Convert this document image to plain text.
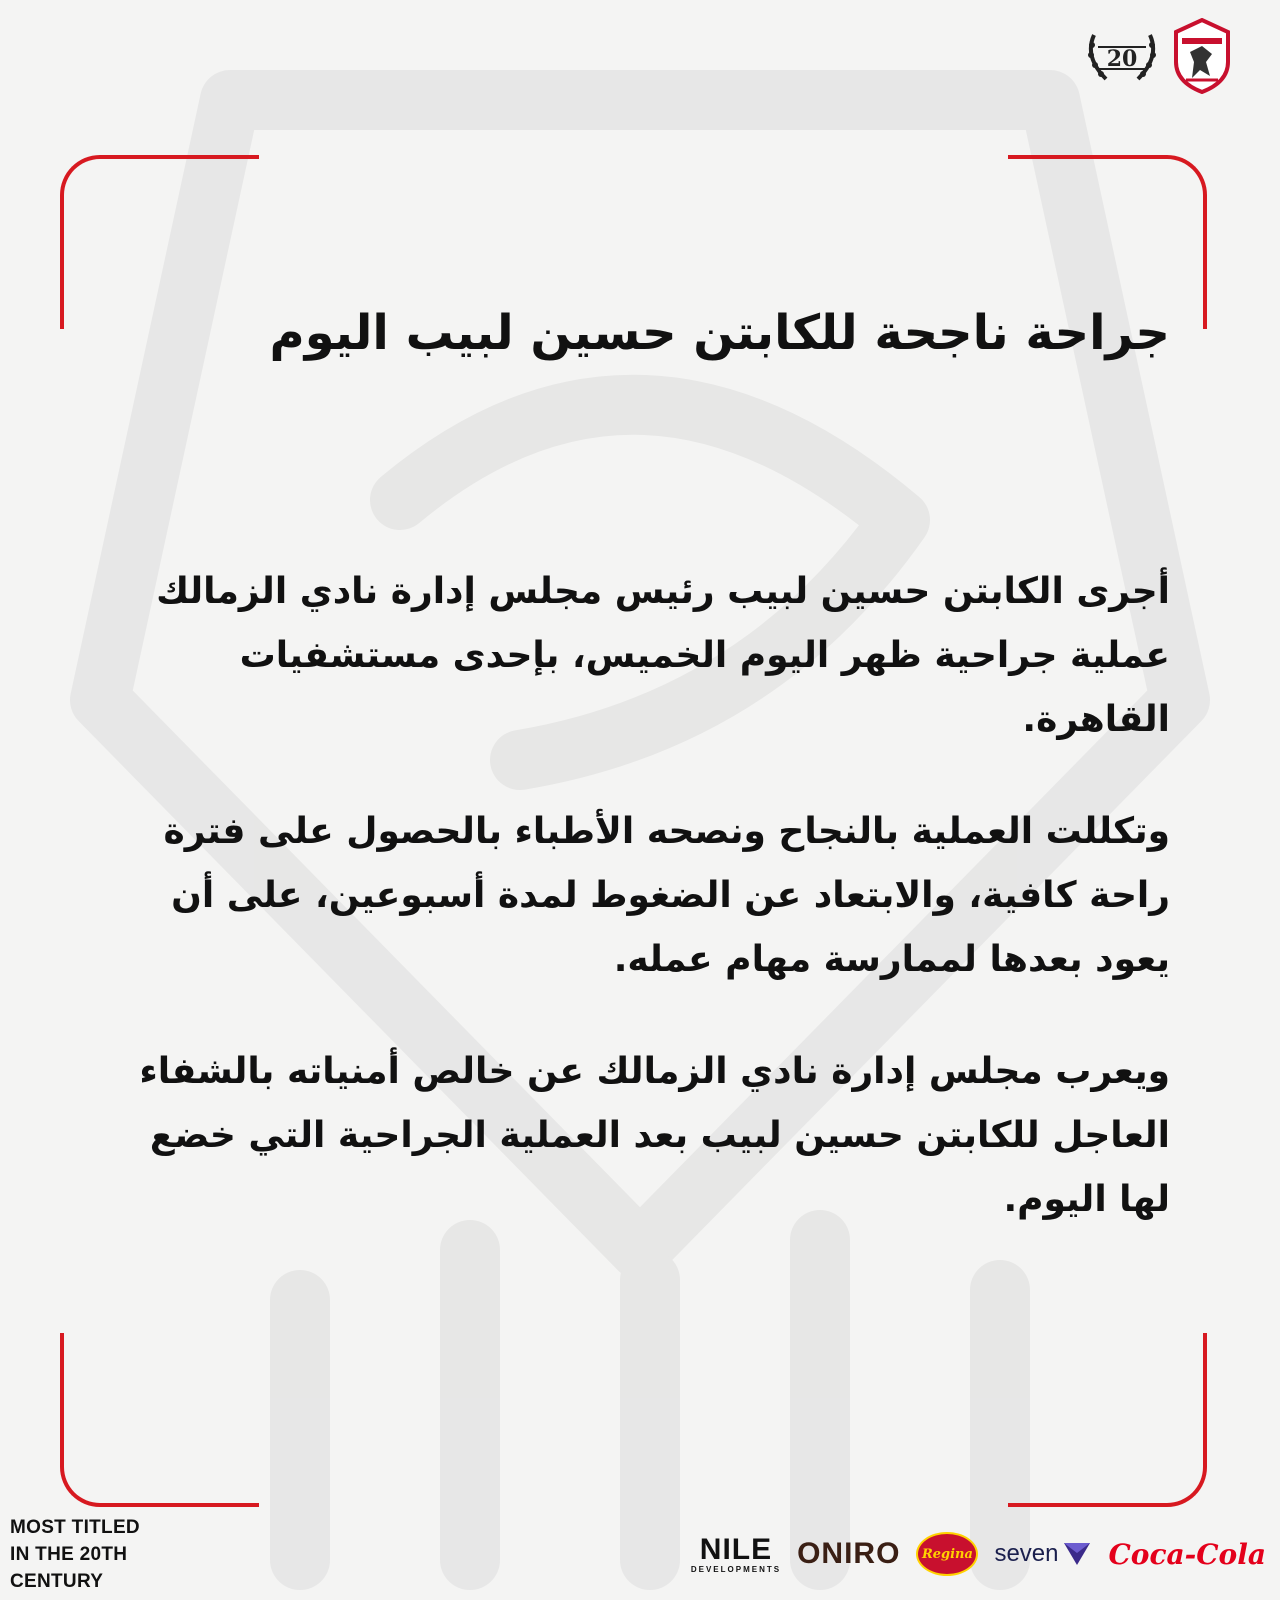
20
جراحة ناجحة للكابتن حسين لبيب اليوم

أجرى الكابتن حسين لبيب رئيس مجلس إدارة نادي الزمالك عملية جراحية ظهر اليوم الخميس، بإحدى مستشفيات القاهرة.

وتكللت العملية بالنجاح ونصحه الأطباء بالحصول على فترة راحة كافية، والابتعاد عن الضغوط لمدة أسبوعين، على أن يعود بعدها لممارسة مهام عمله.

ويعرب مجلس إدارة نادي الزمالك عن خالص أمنياته بالشفاء العاجل للكابتن حسين لبيب بعد العملية الجراحية التي خضع لها اليوم.

MOST TITLED
IN THE 20TH
CENTURY
NILE
DEVELOPMENTS ONIRO Regina seven Coca-Cola
